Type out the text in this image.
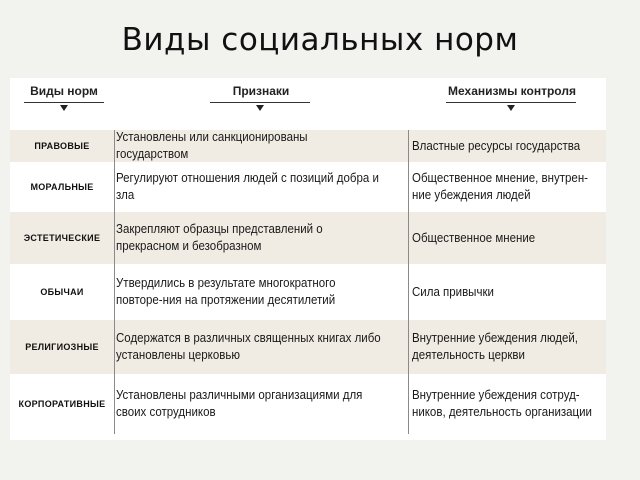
Виды социальных норм
Виды норм	Признаки	Механизмы контроля
ПРАВОВЫЕ
Установлены или санкционированы государством
Властные ресурсы государства
МОРАЛЬНЫЕ
Регулируют отношения людей с позиций добра и зла
Общественное мнение, внутрен-ние убеждения людей
ЭСТЕТИЧЕСКИЕ
Закрепляют образцы представлений о прекрасном и безобразном
Общественное мнение
ОБЫЧАИ
Утвердились в результате многократного повторе-ния на протяжении десятилетий
Сила привычки
РЕЛИГИОЗНЫЕ
Содержатся в различных священных книгах либо установлены церковью
Внутренние убеждения людей, деятельность церкви
КОРПОРАТИВНЫЕ
Установлены различными организациями для своих сотрудников
Внутренние убеждения сотруд-ников, деятельность организации
